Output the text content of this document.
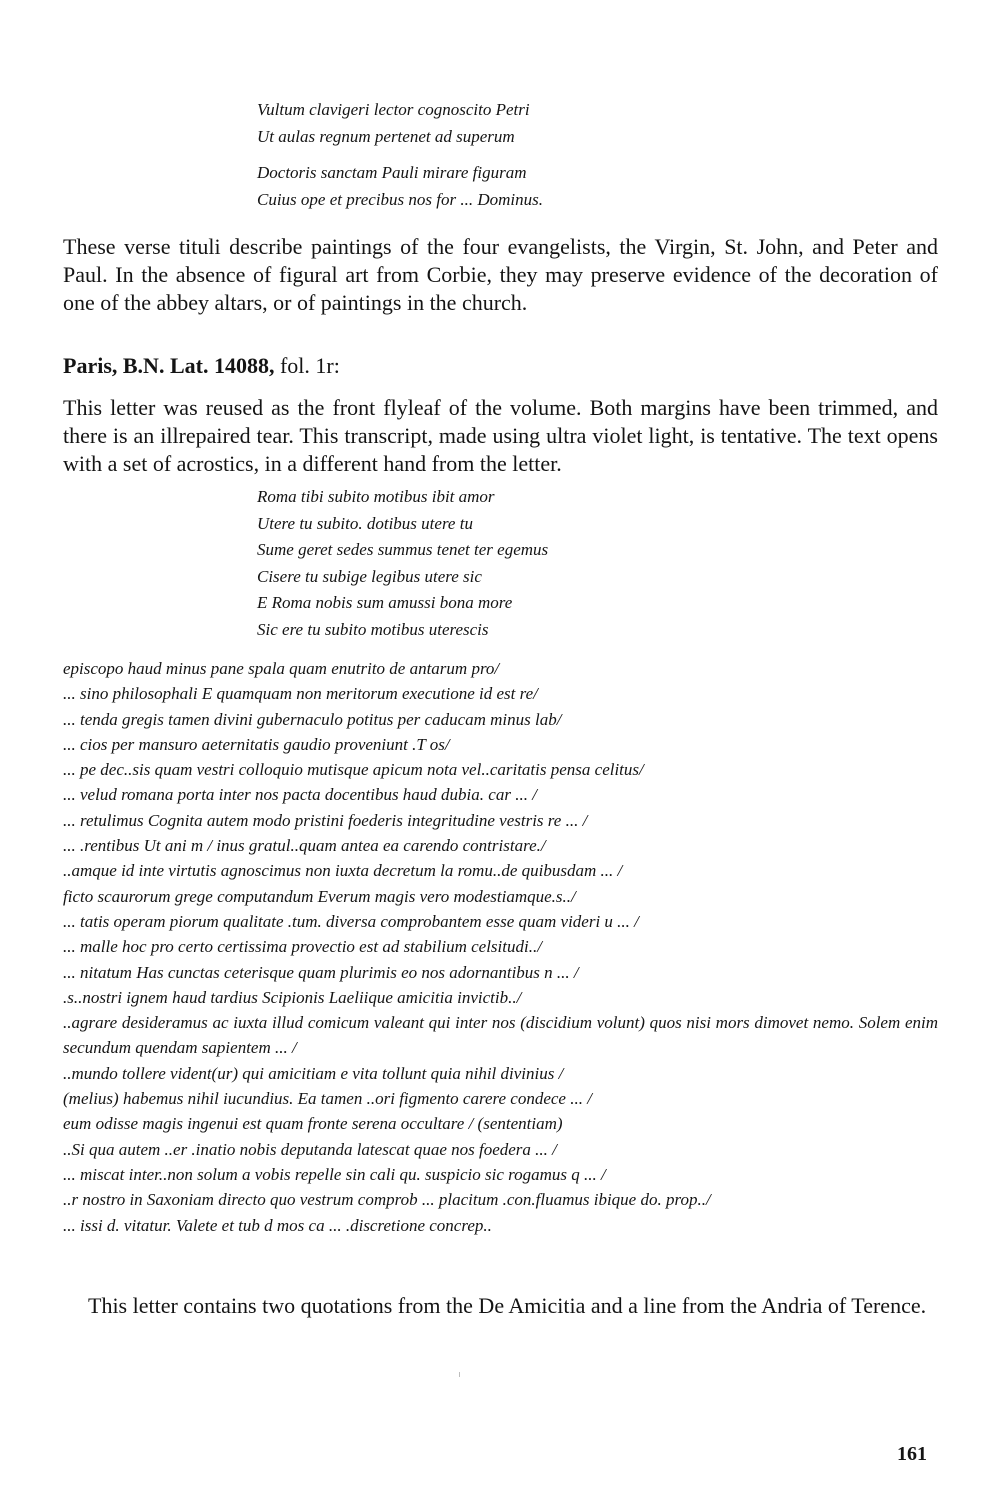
Vultum clavigeri lector cognoscito Petri
Ut aulas regnum pertenet ad superum
Doctoris sanctam Pauli mirare figuram
Cuius ope et precibus nos for ... Dominus.
These verse tituli describe paintings of the four evangelists, the Virgin, St. John, and Peter and Paul. In the absence of figural art from Corbie, they may preserve evidence of the decoration of one of the abbey altars, or of paintings in the church.
Paris, B.N. Lat. 14088, fol. 1r:
This letter was reused as the front flyleaf of the volume. Both margins have been trimmed, and there is an illrepaired tear. This transcript, made using ultra violet light, is tentative. The text opens with a set of acrostics, in a different hand from the letter.
Roma tibi subito motibus ibit amor
Utere tu subito. dotibus utere tu
Sume geret sedes summus tenet ter egemus
Cisere tu subige legibus utere sic
E Roma nobis sum amussi bona more
Sic ere tu subito motibus uterescis
episcopo haud minus pane spala quam enutrito de antarum pro/
... sino philosophali E quamquam non meritorum executione id est re/
... tenda gregis tamen divini gubernaculo potitus per caducam minus lab/
... cios per mansuro aeternitatis gaudio proveniunt .T os/
... pe dec..sis quam vestri colloquio mutisque apicum nota vel..caritatis pensa celitus/
... velud romana porta inter nos pacta docentibus haud dubia. car ... /
... retulimus Cognita autem modo pristini foederis integritudine vestris re ... /
... .rentibus Ut ani m / inus gratul..quam antea ea carendo contristare./
..amque id inte virtutis agnoscimus non iuxta decretum la romu..de quibusdam ... /
ficto scaurorum grege computandum Everum magis vero modestiamque.s../
... tatis operam piorum qualitate .tum. diversa comprobantem esse quam videri u ... /
... malle hoc pro certo certissima provectio est ad stabilium celsitudi../
... nitatum Has cunctas ceterisque quam plurimis eo nos adornantibus n ... /
.s..nostri ignem haud tardius Scipionis Laeliique amicitia invictib../
..agrare desideramus ac iuxta illud comicum valeant qui inter nos (discidium volunt) quos nisi mors dimovet nemo. Solem enim secundum quendam sapientem ... /
..mundo tollere vident(ur) qui amicitiam e vita tollunt quia nihil divinius /
(melius) habemus nihil iucundius. Ea tamen ..ori figmento carere condece ... /
eum odisse magis ingenui est quam fronte serena occultare / (sententiam)
..Si qua autem ..er .inatio nobis deputanda latescat quae nos foedera ... /
... miscat inter..non solum a vobis repelle sin cali qu. suspicio sic rogamus q ... /
..r nostro in Saxoniam directo quo vestrum comprob ... placitum .con.fluamus ibique do. prop../
... issi d. vitatur. Valete et tub d mos ca ... .discretione concrep..
This letter contains two quotations from the De Amicitia and a line from the Andria of Terence.
161
